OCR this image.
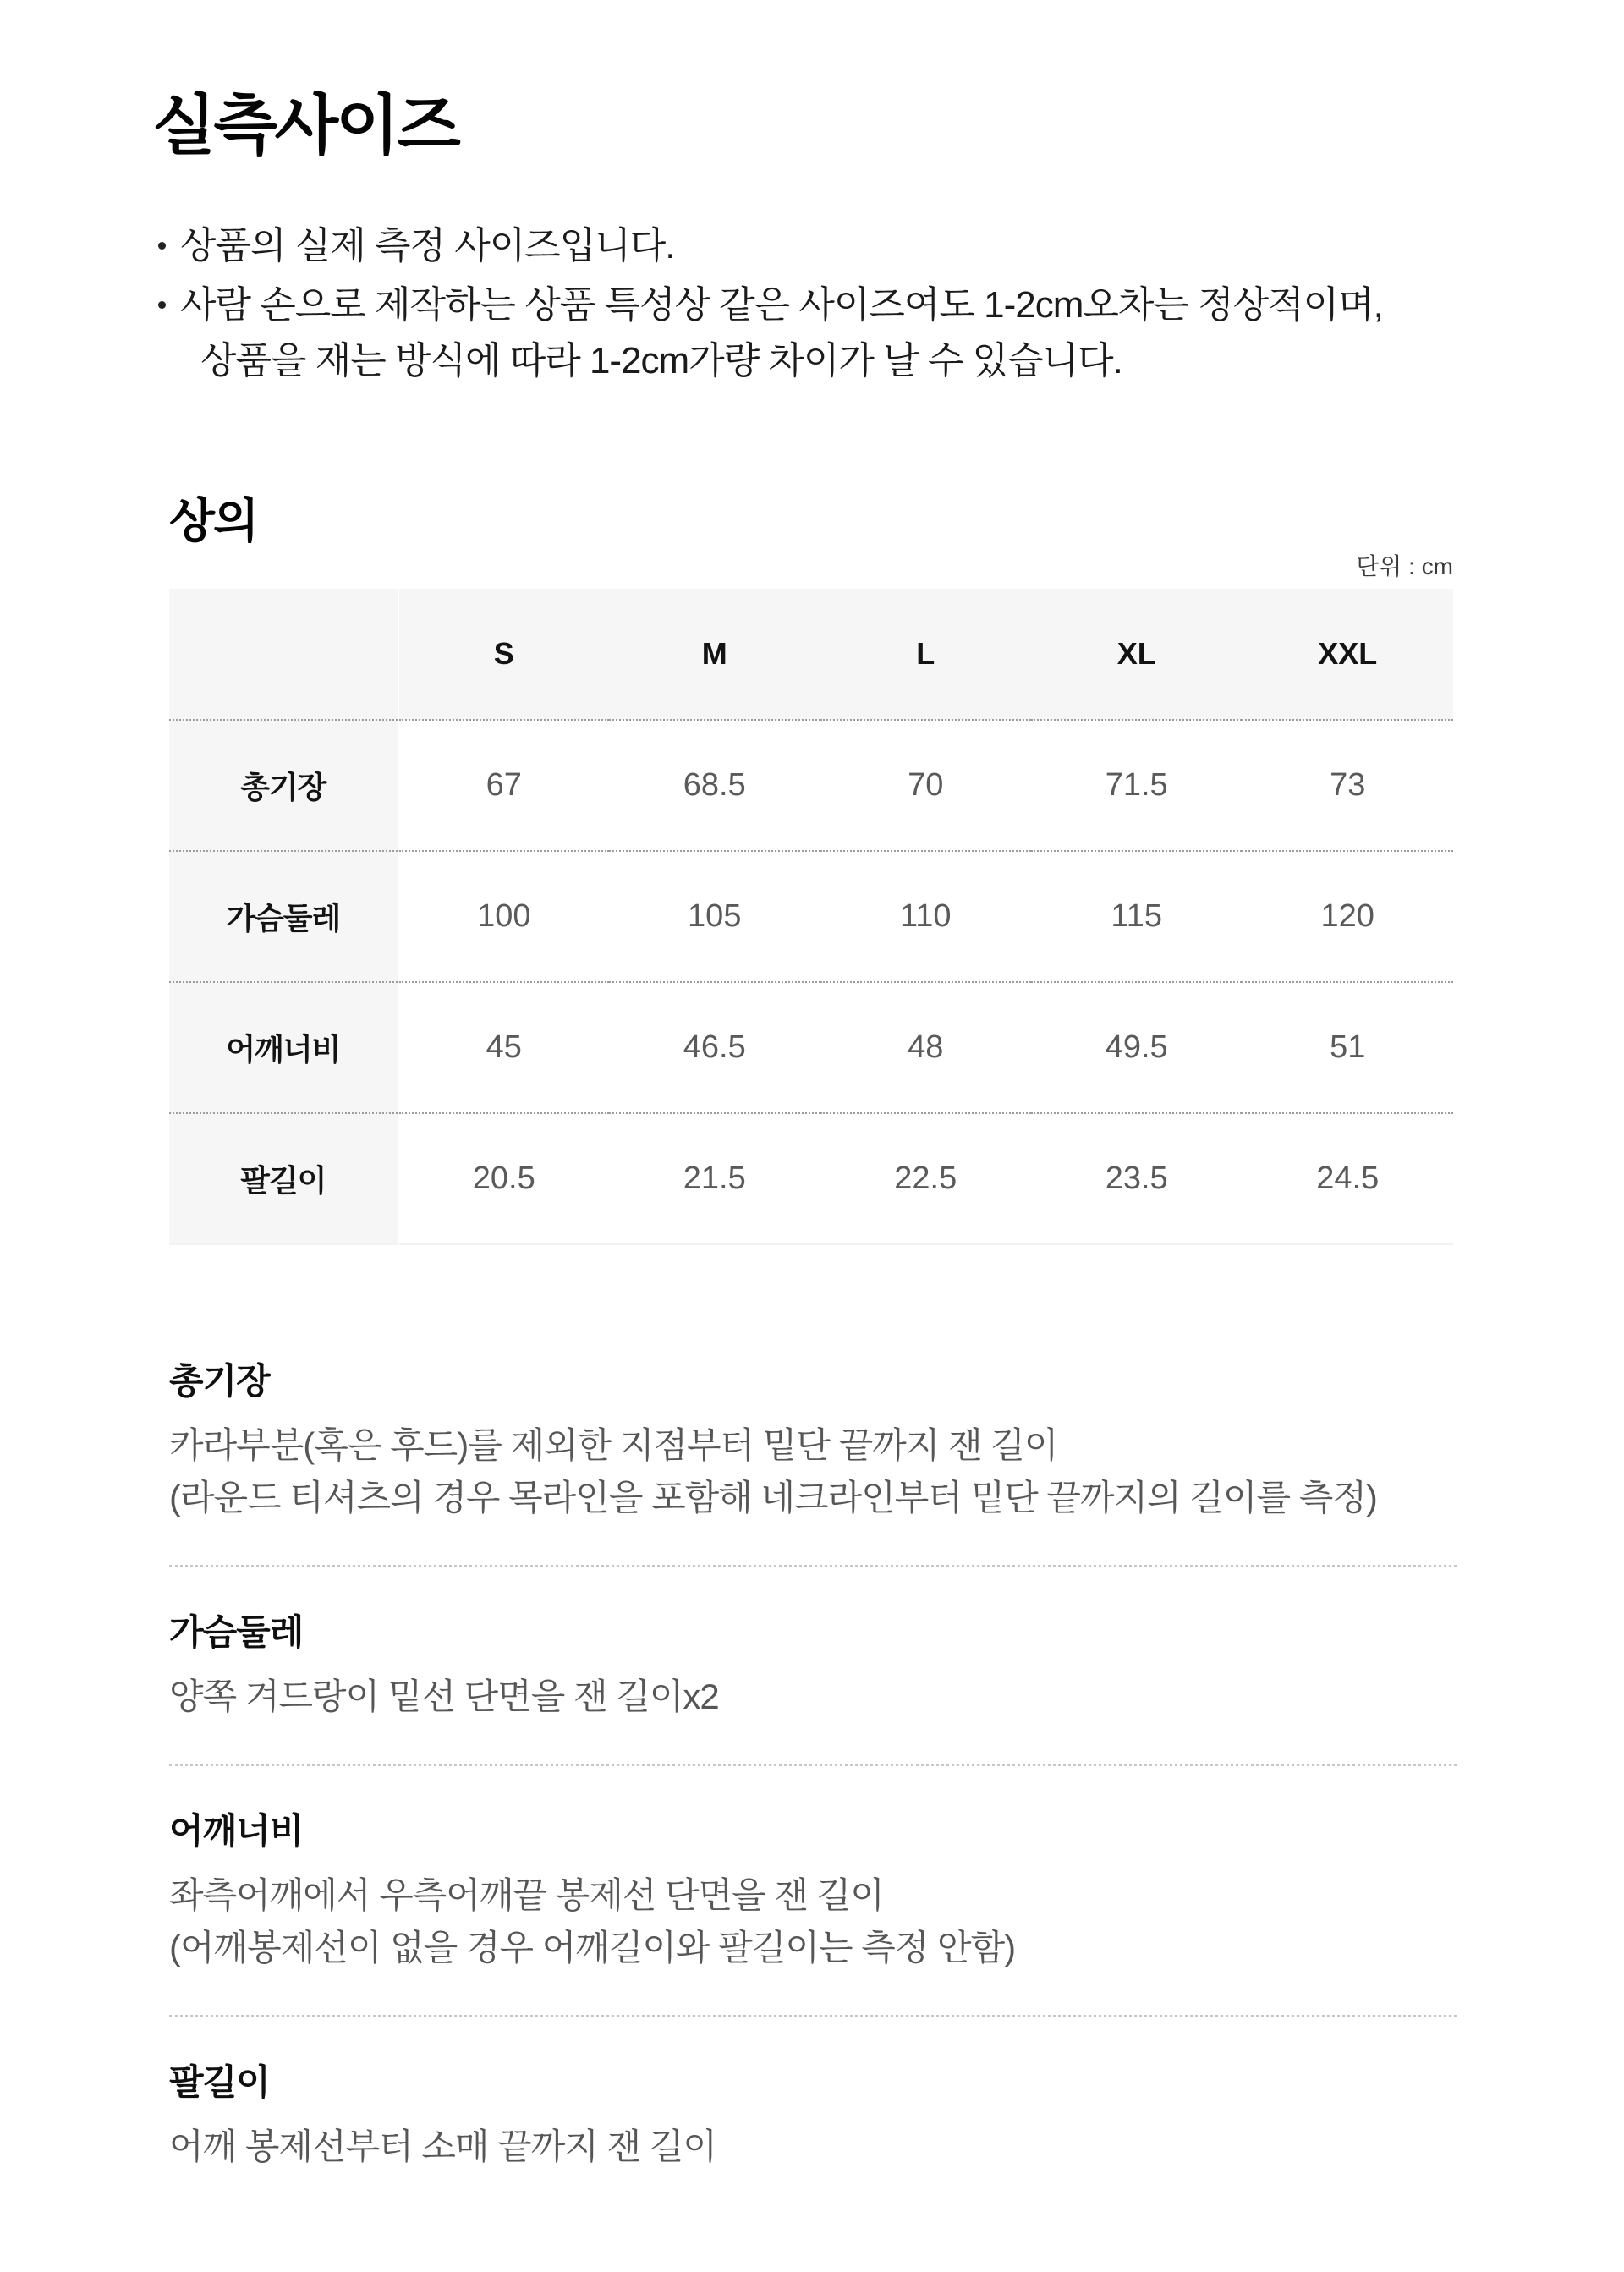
실측사이즈
상품의 실제 측정 사이즈입니다.
사람 손으로 제작하는 상품 특성상 같은 사이즈여도 1-2cm오차는 정상적이며,
상품을 재는 방식에 따라 1-2cm가량 차이가 날 수 있습니다.
상의
단위 : cm
	S	M	L	XL	XXL
총기장	67	68.5	70	71.5	73
가슴둘레	100	105	110	115	120
어깨너비	45	46.5	48	49.5	51
팔길이	20.5	21.5	22.5	23.5	24.5
총기장

카라부분(혹은 후드)를 제외한 지점부터 밑단 끝까지 잰 길이

(라운드 티셔츠의 경우 목라인을 포함해 네크라인부터 밑단 끝까지의 길이를 측정)

가슴둘레

양쪽 겨드랑이 밑선 단면을 잰 길이x2

어깨너비

좌측어깨에서 우측어깨끝 봉제선 단면을 잰 길이

(어깨봉제선이 없을 경우 어깨길이와 팔길이는 측정 안함)

팔길이

어깨 봉제선부터 소매 끝까지 잰 길이
